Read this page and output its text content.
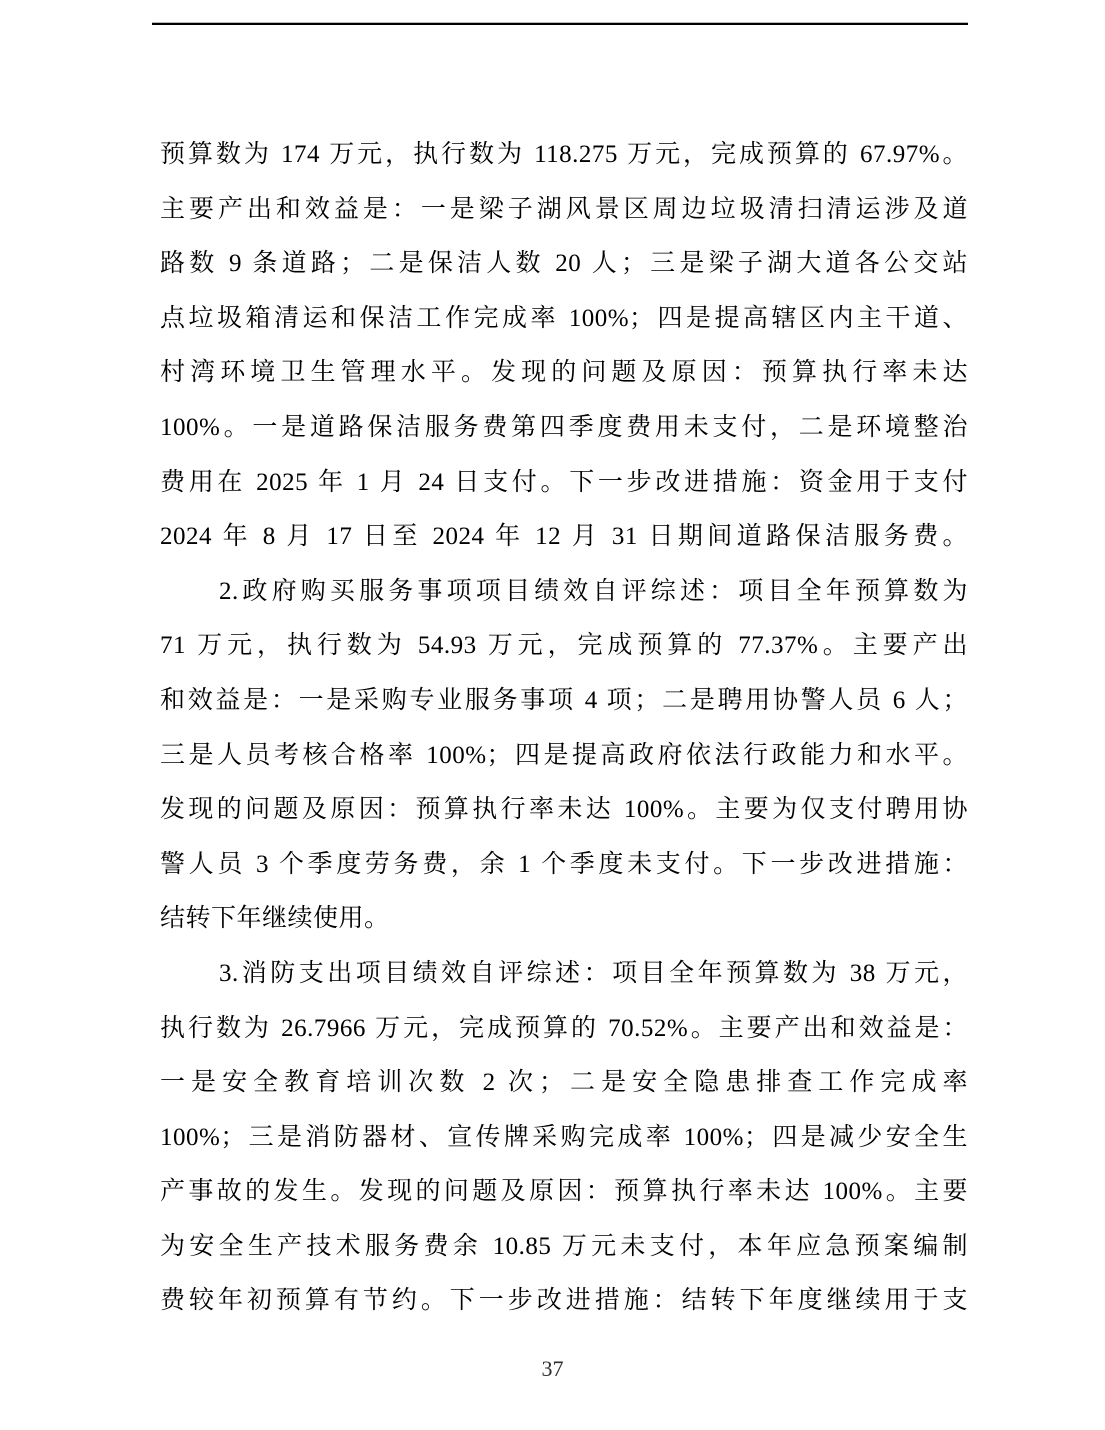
预算数为 174 万元，执行数为 118.275 万元，完成预算的 67.97%。
主要产出和效益是：一是梁子湖风景区周边垃圾清扫清运涉及道
路数 9 条道路；二是保洁人数 20 人；三是梁子湖大道各公交站
点垃圾箱清运和保洁工作完成率 100%；四是提高辖区内主干道、
村湾环境卫生管理水平。发现的问题及原因：预算执行率未达
100%。一是道路保洁服务费第四季度费用未支付，二是环境整治
费用在 2025 年 1 月 24 日支付。下一步改进措施：资金用于支付
2024 年 8 月 17 日至 2024 年 12 月 31 日期间道路保洁服务费。
2.政府购买服务事项项目绩效自评综述：项目全年预算数为
71 万元，执行数为 54.93 万元，完成预算的 77.37%。主要产出
和效益是：一是采购专业服务事项 4 项；二是聘用协警人员 6 人；
三是人员考核合格率 100%；四是提高政府依法行政能力和水平。
发现的问题及原因：预算执行率未达 100%。主要为仅支付聘用协
警人员 3 个季度劳务费，余 1 个季度未支付。下一步改进措施：
结转下年继续使用。
3.消防支出项目绩效自评综述：项目全年预算数为 38 万元，
执行数为 26.7966 万元，完成预算的 70.52%。主要产出和效益是：
一是安全教育培训次数 2 次；二是安全隐患排查工作完成率
100%；三是消防器材、宣传牌采购完成率 100%；四是减少安全生
产事故的发生。发现的问题及原因：预算执行率未达 100%。主要
为安全生产技术服务费余 10.85 万元未支付，本年应急预案编制
费较年初预算有节约。下一步改进措施：结转下年度继续用于支
37
